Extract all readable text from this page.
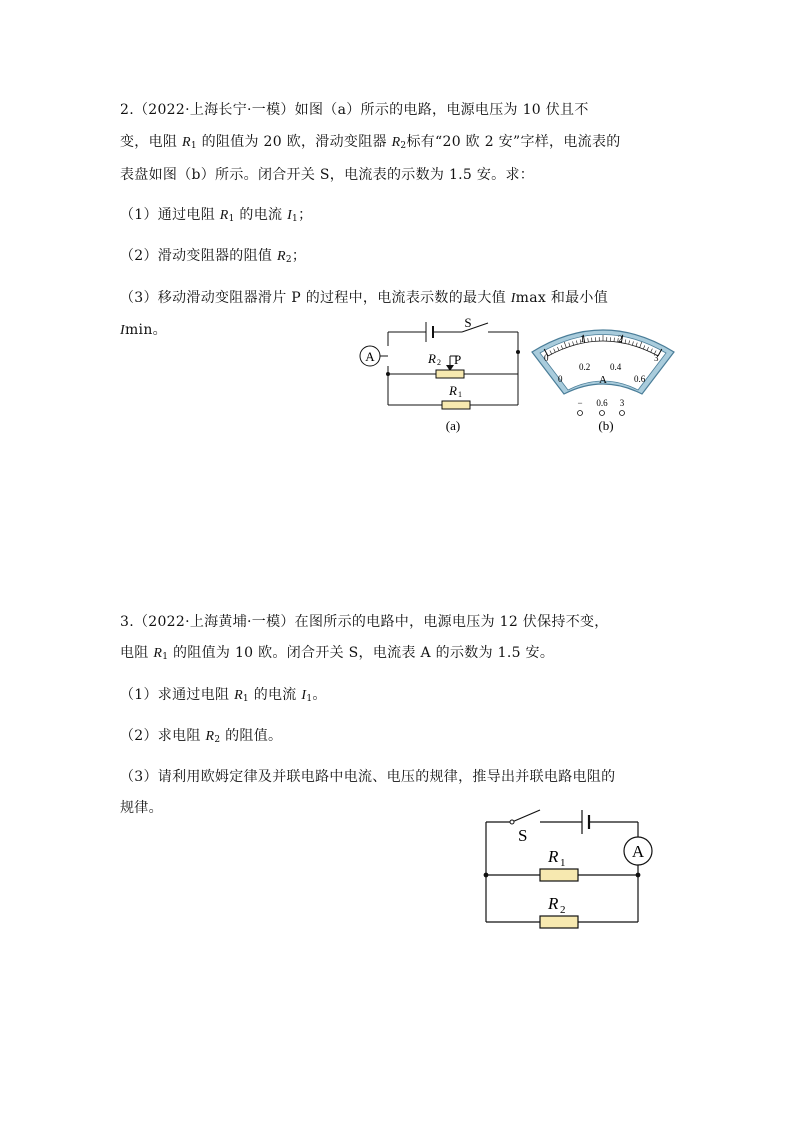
2.（2022·上海长宁·一模）如图（a）所示的电路，电源电压为 10 伏且不
变，电阻 $R_1$ 的阻值为 20 欧，滑动变阻器 $R_2$标有“20 欧 2 安”字样，电流表的
表盘如图（b）所示。闭合开关 S，电流表的示数为 1.5 安。求：
（1）通过电阻 $R_1$ 的电流 $I_1$；
（2）滑动变阻器的阻值 $R_2$；
（3）移动滑动变阻器滑片 P 的过程中，电流表示数的最大值 Imax 和最小值
Imin。
A
S
R 2 P
R 1
(a)
0
1	2
3
0
0.2 0.4
0.6
A
− 0.6 3
(b)
3.（2022·上海黄埔·一模）在图所示的电路中，电源电压为 12 伏保持不变，
电阻 $R_1$ 的阻值为 10 欧。闭合开关 S，电流表 A 的示数为 1.5 安。
（1）求通过电阻 $R_1$ 的电流 $I_1$。
（2）求电阻 $R_2$ 的阻值。
（3）请利用欧姆定律及并联电路中电流、电压的规律，推导出并联电路电阻的
规律。
A
S
R 1
R 2
